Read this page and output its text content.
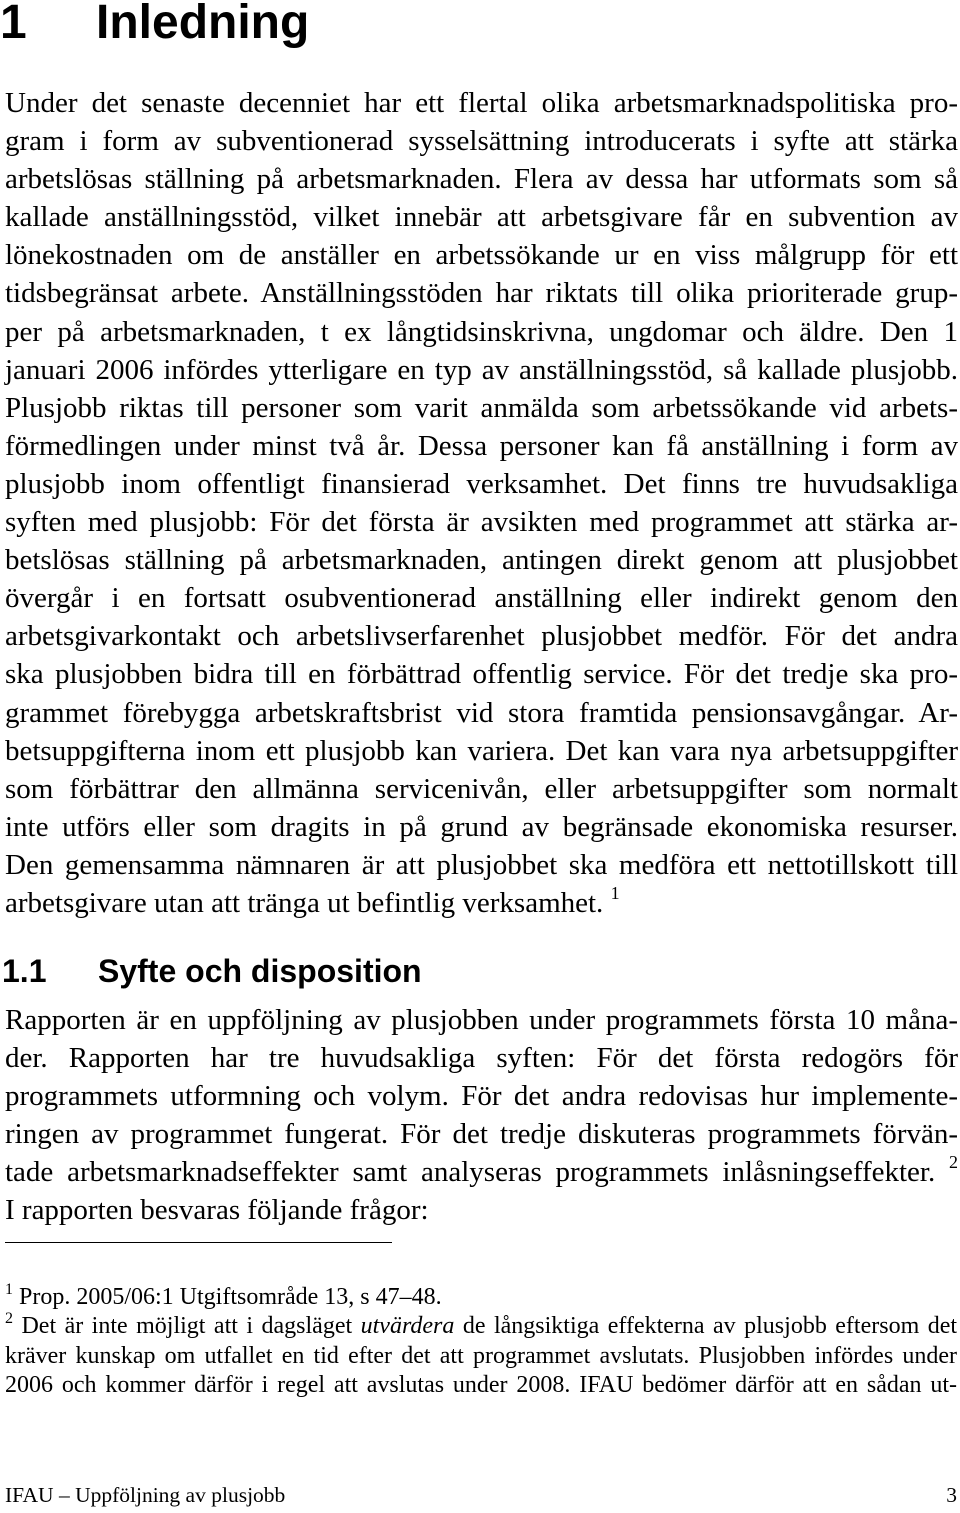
1 Inledning
Under det senaste decenniet har ett flertal olika arbetsmarknadspolitiska pro-
gram i form av subventionerad sysselsättning introducerats i syfte att stärka
arbetslösas ställning på arbetsmarknaden. Flera av dessa har utformats som så
kallade anställningsstöd, vilket innebär att arbetsgivare får en subvention av
lönekostnaden om de anställer en arbetssökande ur en viss målgrupp för ett
tidsbegränsat arbete. Anställningsstöden har riktats till olika prioriterade grup-
per på arbetsmarknaden, t ex långtidsinskrivna, ungdomar och äldre. Den 1
januari 2006 infördes ytterligare en typ av anställningsstöd, så kallade plusjobb.
Plusjobb riktas till personer som varit anmälda som arbetssökande vid arbets-
förmedlingen under minst två år. Dessa personer kan få anställning i form av
plusjobb inom offentligt finansierad verksamhet. Det finns tre huvudsakliga
syften med plusjobb: För det första är avsikten med programmet att stärka ar-
betslösas ställning på arbetsmarknaden, antingen direkt genom att plusjobbet
övergår i en fortsatt osubventionerad anställning eller indirekt genom den
arbetsgivarkontakt och arbetslivserfarenhet plusjobbet medför. För det andra
ska plusjobben bidra till en förbättrad offentlig service. För det tredje ska pro-
grammet förebygga arbetskraftsbrist vid stora framtida pensionsavgångar. Ar-
betsuppgifterna inom ett plusjobb kan variera. Det kan vara nya arbetsuppgifter
som förbättrar den allmänna servicenivån, eller arbetsuppgifter som normalt
inte utförs eller som dragits in på grund av begränsade ekonomiska resurser.
Den gemensamma nämnaren är att plusjobbet ska medföra ett nettotillskott till
arbetsgivare utan att tränga ut befintlig verksamhet. $^1$
1.1 Syfte och disposition
Rapporten är en uppföljning av plusjobben under programmets första 10 måna-
der. Rapporten har tre huvudsakliga syften: För det första redogörs för
programmets utformning och volym. För det andra redovisas hur implemente-
ringen av programmet fungerat. För det tredje diskuteras programmets förvän-
tade arbetsmarknadseffekter samt analyseras programmets inlåsningseffekter. $^2$
I rapporten besvaras följande frågor:
$^1$ Prop. 2005/06:1 Utgiftsområde 13, s 47–48.
$^2$ Det är inte möjligt att i dagsläget utvärdera de långsiktiga effekterna av plusjobb eftersom det
kräver kunskap om utfallet en tid efter det att programmet avslutats. Plusjobben infördes under
2006 och kommer därför i regel att avslutas under 2008. IFAU bedömer därför att en sådan ut-
IFAU – Uppföljning av plusjobb	3
